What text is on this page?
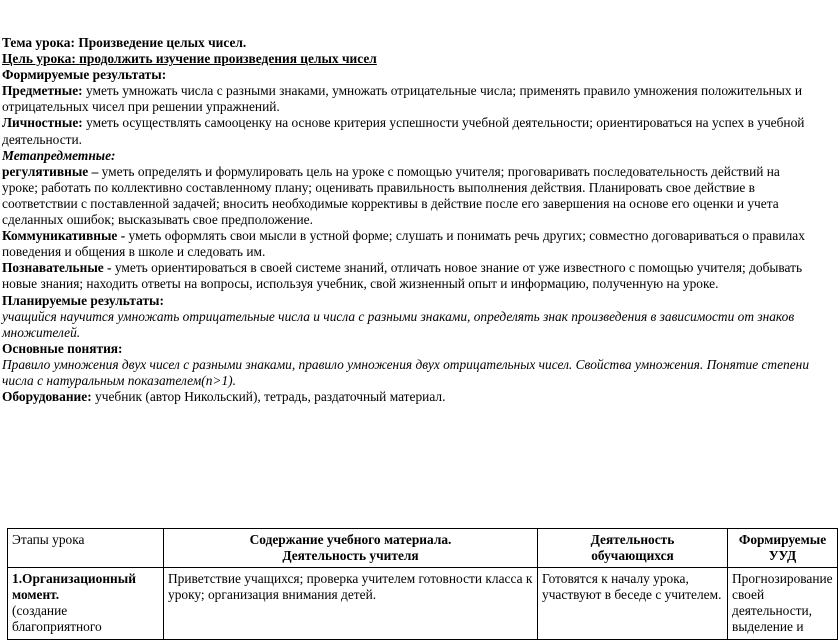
Тема урока: Произведение целых чисел.

Цель урока: продолжить изучение произведения целых чисел

Формируемые результаты:

Предметные: уметь умножать числа с разными знаками, умножать отрицательные числа; применять правило умножения положительных и отрицательных чисел при решении упражнений.

Личностные: уметь осуществлять самооценку на основе критерия успешности учебной деятельности; ориентироваться на успех в учебной деятельности.

Метапредметные:

регулятивные – уметь определять и формулировать цель на уроке с помощью учителя; проговаривать последовательность действий на уроке; работать по коллективно составленному плану; оценивать правильность выполнения действия. Планировать свое действие в соответствии с поставленной задачей; вносить необходимые коррективы в действие после его завершения на основе его оценки и учета сделанных ошибок; высказывать свое предположение.

Коммуникативные - уметь оформлять свои мысли в устной форме; слушать и понимать речь других; совместно договариваться о правилах поведения и общения в школе и следовать им.

Познавательные - уметь ориентироваться в своей системе знаний, отличать новое знание от уже известного с помощью учителя; добывать новые знания; находить ответы на вопросы, используя учебник, свой жизненный опыт и информацию, полученную на уроке.

Планируемые результаты:

учащийся научится умножать отрицательные числа и числа с разными знаками, определять знак произведения в зависимости от знаков множителей.

Основные понятия:

Правило умножения двух чисел с разными знаками, правило умножения двух отрицательных чисел. Свойства умножения. Понятие степени числа с натуральным показателем(n>1).

Оборудование: учебник (автор Никольский), тетрадь, раздаточный материал.

Этапы урока	Содержание учебного материала. Деятельность учителя	Деятельность обучающихся	Формируемые УУД

1.Организационный момент.
(создание благоприятного	Приветствие учащихся; проверка учителем готовности класса к уроку; организация внимания детей.	Готовятся к началу урока, участвуют в беседе с учителем.	Прогнозирование своей деятельности, выделение и
